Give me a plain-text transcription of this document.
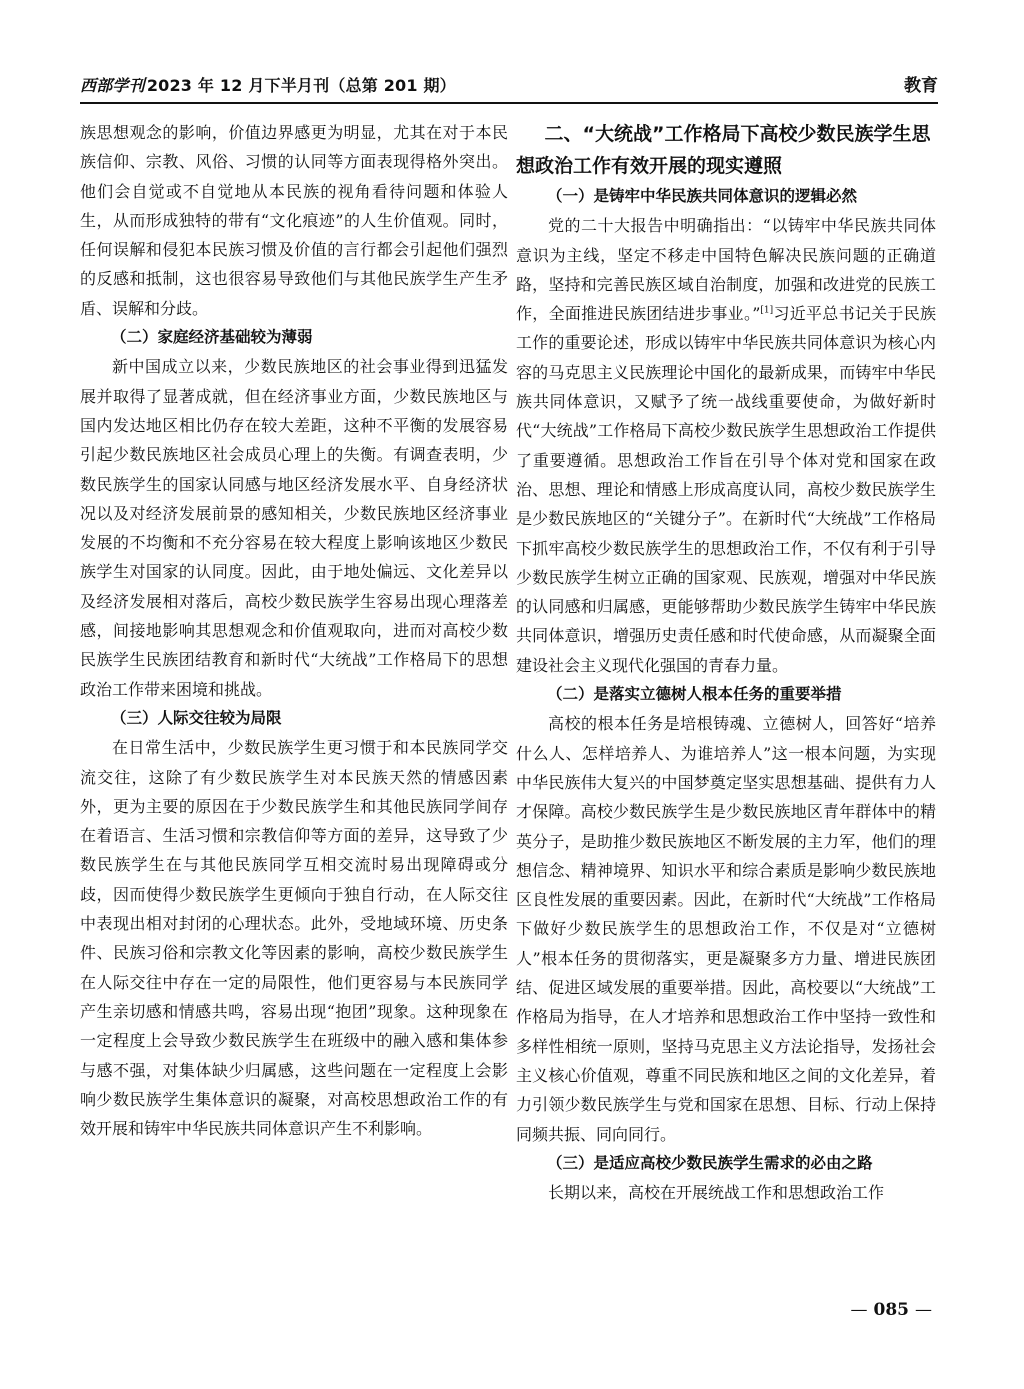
西部学刊 2023 年 12 月下半月刊（总第 201 期）	教育

族思想观念的影响，价值边界感更为明显，尤其在对于本民族信仰、宗教、风俗、习惯的认同等方面表现得格外突出。他们会自觉或不自觉地从本民族的视角看待问题和体验人生，从而形成独特的带有“文化痕迹”的人生价值观。同时，任何误解和侵犯本民族习惯及价值的言行都会引起他们强烈的反感和抵制，这也很容易导致他们与其他民族学生产生矛盾、误解和分歧。

（二）家庭经济基础较为薄弱

新中国成立以来，少数民族地区的社会事业得到迅猛发展并取得了显著成就，但在经济事业方面，少数民族地区与国内发达地区相比仍存在较大差距，这种不平衡的发展容易引起少数民族地区社会成员心理上的失衡。有调查表明，少数民族学生的国家认同感与地区经济发展水平、自身经济状况以及对经济发展前景的感知相关，少数民族地区经济事业发展的不均衡和不充分容易在较大程度上影响该地区少数民族学生对国家的认同度。因此，由于地处偏远、文化差异以及经济发展相对落后，高校少数民族学生容易出现心理落差感，间接地影响其思想观念和价值观取向，进而对高校少数民族学生民族团结教育和新时代“大统战”工作格局下的思想政治工作带来困境和挑战。

（三）人际交往较为局限

在日常生活中，少数民族学生更习惯于和本民族同学交流交往，这除了有少数民族学生对本民族天然的情感因素外，更为主要的原因在于少数民族学生和其他民族同学间存在着语言、生活习惯和宗教信仰等方面的差异，这导致了少数民族学生在与其他民族同学互相交流时易出现障碍或分歧，因而使得少数民族学生更倾向于独自行动，在人际交往中表现出相对封闭的心理状态。此外，受地域环境、历史条件、民族习俗和宗教文化等因素的影响，高校少数民族学生在人际交往中存在一定的局限性，他们更容易与本民族同学产生亲切感和情感共鸣，容易出现“抱团”现象。这种现象在一定程度上会导致少数民族学生在班级中的融入感和集体参与感不强，对集体缺少归属感，这些问题在一定程度上会影响少数民族学生集体意识的凝聚，对高校思想政治工作的有效开展和铸牢中华民族共同体意识产生不利影响。

二、“大统战”工作格局下高校少数民族学生思想政治工作有效开展的现实遵照
（一）是铸牢中华民族共同体意识的逻辑必然

党的二十大报告中明确指出：“以铸牢中华民族共同体意识为主线，坚定不移走中国特色解决民族问题的正确道路，坚持和完善民族区域自治制度，加强和改进党的民族工作，全面推进民族团结进步事业。”[1]习近平总书记关于民族工作的重要论述，形成以铸牢中华民族共同体意识为核心内容的马克思主义民族理论中国化的最新成果，而铸牢中华民族共同体意识，又赋予了统一战线重要使命，为做好新时代“大统战”工作格局下高校少数民族学生思想政治工作提供了重要遵循。思想政治工作旨在引导个体对党和国家在政治、思想、理论和情感上形成高度认同，高校少数民族学生是少数民族地区的“关键分子”。在新时代“大统战”工作格局下抓牢高校少数民族学生的思想政治工作，不仅有利于引导少数民族学生树立正确的国家观、民族观，增强对中华民族的认同感和归属感，更能够帮助少数民族学生铸牢中华民族共同体意识，增强历史责任感和时代使命感，从而凝聚全面建设社会主义现代化强国的青春力量。

（二）是落实立德树人根本任务的重要举措

高校的根本任务是培根铸魂、立德树人，回答好“培养什么人、怎样培养人、为谁培养人”这一根本问题，为实现中华民族伟大复兴的中国梦奠定坚实思想基础、提供有力人才保障。高校少数民族学生是少数民族地区青年群体中的精英分子，是助推少数民族地区不断发展的主力军，他们的理想信念、精神境界、知识水平和综合素质是影响少数民族地区良性发展的重要因素。因此，在新时代“大统战”工作格局下做好少数民族学生的思想政治工作，不仅是对“立德树人”根本任务的贯彻落实，更是凝聚多方力量、增进民族团结、促进区域发展的重要举措。因此，高校要以“大统战”工作格局为指导，在人才培养和思想政治工作中坚持一致性和多样性相统一原则，坚持马克思主义方法论指导，发扬社会主义核心价值观，尊重不同民族和地区之间的文化差异，着力引领少数民族学生与党和国家在思想、目标、行动上保持同频共振、同向同行。

（三）是适应高校少数民族学生需求的必由之路

长期以来，高校在开展统战工作和思想政治工作

— 085 —
